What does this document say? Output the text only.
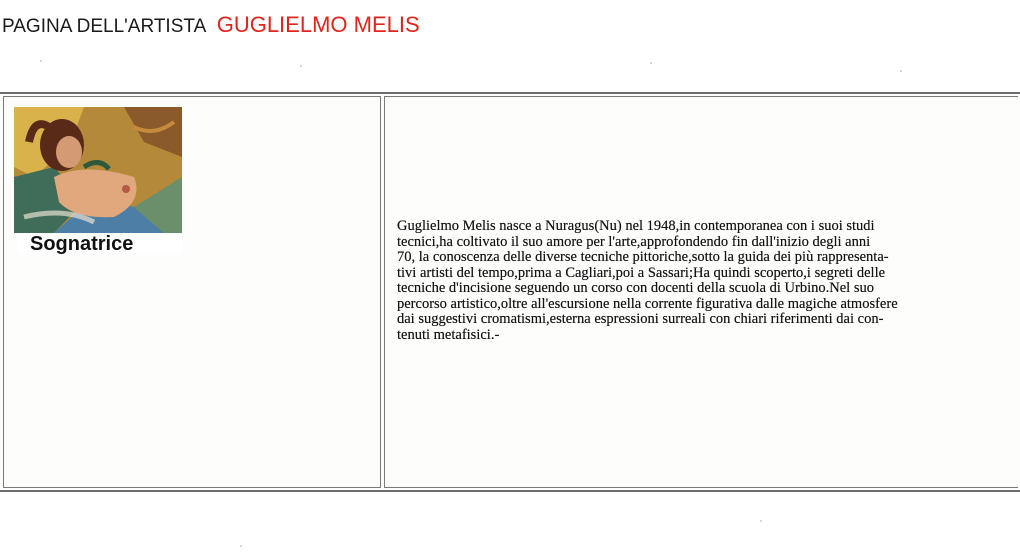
PAGINA DELL'ARTISTA GUGLIELMO MELIS
Sognatrice
Guglielmo Melis nasce a Nuragus(Nu) nel 1948,in contemporanea con i suoi studi
tecnici,ha coltivato il suo amore per l'arte,approfondendo fin dall'inizio degli anni
70, la conoscenza delle diverse tecniche pittoriche,sotto la guida dei più rappresenta-
tivi artisti del tempo,prima a Cagliari,poi a Sassari;Ha quindi scoperto,i segreti delle
tecniche d'incisione seguendo un corso con docenti della scuola di Urbino.Nel suo
percorso artistico,oltre all'escursione nella corrente figurativa dalle magiche atmosfere
dai suggestivi cromatismi,esterna espressioni surreali con chiari riferimenti dai con-
tenuti metafisici.-
